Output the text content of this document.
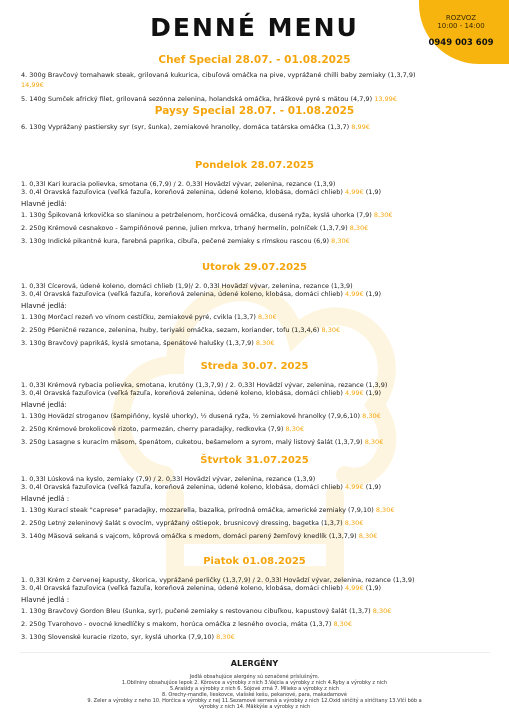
ROZVOZ
10:00 - 14:00
0949 003 609
DENNÉ MENU
Chef Special 28.07. - 01.08.2025
4. 300g Bravčový tomahawk steak, grilovaná kukurica, cibuľová omáčka na pive, vyprážané chilli baby zemiaky (1,3,7,9)
14,99€
5. 140g Sumček africký filet, grilovaná sezónna zelenina, holandská omáčka, hráškové pyré s mätou (4,7,9) 13,99€
Paysy Special 28.07. - 01.08.2025
6. 130g Vyprážaný pastiersky syr (syr, šunka), zemiakové hranolky, domáca tatárska omáčka (1,3,7) 8,99€
Pondelok 28.07.2025
1. 0,33l Kari kuracia polievka, smotana (6,7,9) / 2. 0,33l Hovädzí vývar, zelenina, rezance (1,3,9)
3. 0,4l Oravská fazuľovica (veľká fazuľa, koreňová zelenina, údené koleno, klobása, domáci chlieb) 4,99€ (1,9)
Hlavné jedlá:
1. 130g Špikovaná krkovička so slaninou a petrželenom, horčicová omáčka, dusená ryža, kyslá uhorka (7,9) 8,30€
2. 250g Krémové cesnakovo - šampiňónové penne, julien mrkva, trhaný hermelín, polníček (1,3,7,9) 8,30€
3. 130g Indické pikantné kura, farebná paprika, cibuľa, pečené zemiaky s rímskou rascou (6,9) 8,30€
Utorok 29.07.2025
1. 0,33l Cícerová, údené koleno, domáci chlieb (1,9)/ 2. 0,33l Hovädzí vývar, zelenina, rezance (1,3,9)
3. 0,4l Oravská fazuľovica (veľká fazuľa, koreňová zelenina, údené koleno, klobása, domáci chlieb) 4,99€ (1,9)
Hlavné jedlá:
1. 130g Morčací rezeň vo vínom cestíčku, zemiakové pyré, cvikla (1,3,7) 8,30€
2. 250g Pšeničné rezance, zelenina, huby, teriyaki omáčka, sezam, koriander, tofu (1,3,4,6) 8,30€
3. 130g Bravčový paprikáš, kyslá smotana, špenátové halušky (1,3,7,9) 8,30€
Streda 30.07. 2025
1. 0,33l Krémová rybacia polievka, smotana, krutóny (1,3,7,9) / 2. 0,33l Hovädzí vývar, zelenina, rezance (1,3,9)
3. 0,4l Oravská fazuľovica (veľká fazuľa, koreňová zelenina, údené koleno, klobása, domáci chlieb) 4,99€ (1,9)
Hlavné jedlá:
1. 130g Hovädzí stroganov (šampiňóny, kyslé uhorky), ½ dusená ryža, ½ zemiakové hranolky (7,9,6,10) 8,30€
2. 250g Krémové brokolicové rizoto, parmezán, cherry paradajky, redkovka (7,9) 8,30€
3. 250g Lasagne s kuracím mäsom, špenátom, cuketou, bešamelom a syrom, malý listový šalát (1,3,7,9) 8,30€
Štvrtok 31.07.2025
1. 0,33l Lúsková na kyslo, zemiaky (7,9) / 2. 0,33l Hovädzí vývar, zelenina, rezance (1,3,9)
3. 0,4l Oravská fazuľovica (veľká fazuľa, koreňová zelenina, údené koleno, klobása, domáci chlieb) 4,99€ (1,9)
Hlavné jedlá :
1. 130g Kurací steak "caprese" paradajky, mozzarella, bazalka, prírodná omáčka, americké zemiaky (7,9,10) 8,30€
2. 250g Letný zeleninový šalát s ovocím, vyprážaný oštiepok, brusnicový dressing, bagetka (1,3,7) 8,30€
3. 140g Mäsová sekaná s vajcom, kôprová omáčka s medom, domáci parený žemľový knedlík (1,3,7,9) 8,30€
Piatok 01.08.2025
1. 0,33l Krém z červenej kapusty, škorica, vyprážané perličky (1,3,7,9) / 2. 0,33l Hovädzí vývar, zelenina, rezance (1,3,9)
3. 0,4l Oravská fazuľovica (veľká fazuľa, koreňová zelenina, údené koleno, klobása, domáci chlieb) 4,99€ (1,9)
Hlavné jedlá :
1. 130g Bravčový Gordon Bleu (šunka, syr), pučené zemiaky s restovanou cibuľkou, kapustový šalát (1,3,7) 8,30€
2. 250g Tvarohovo - ovocné knedlíčky s makom, horúca omáčka z lesného ovocia, máta (1,3,7) 8,30€
3. 130g Slovenské kuracie rizoto, syr, kyslá uhorka (7,9,10) 8,30€
ALERGÉNY
Jedlá obsahujúce alergény sú označené príslušným.
1.Obilniny obsahujúce lepok 2. Kôrovce a výrobky z nich 3.Vajcia a výrobky z nich 4.Ryby a výrobky z nich
5.Arašidy a výrobky z nich 6. Sójové zrná 7. Mlieko a výrobky z nich
8. Orechy-mandle, lieskovce, vlašské kešu, pekanové, para, makadamové
9. Zeler a výrobky z neho 10. Horčica a výrobky z nej 11.Sezamové semená a výrobky z nich 12.Oxid siričitý a siričitany 13.Vlčí bôb a
výrobky z nich 14. Mäkkýše a výrobky z nich
